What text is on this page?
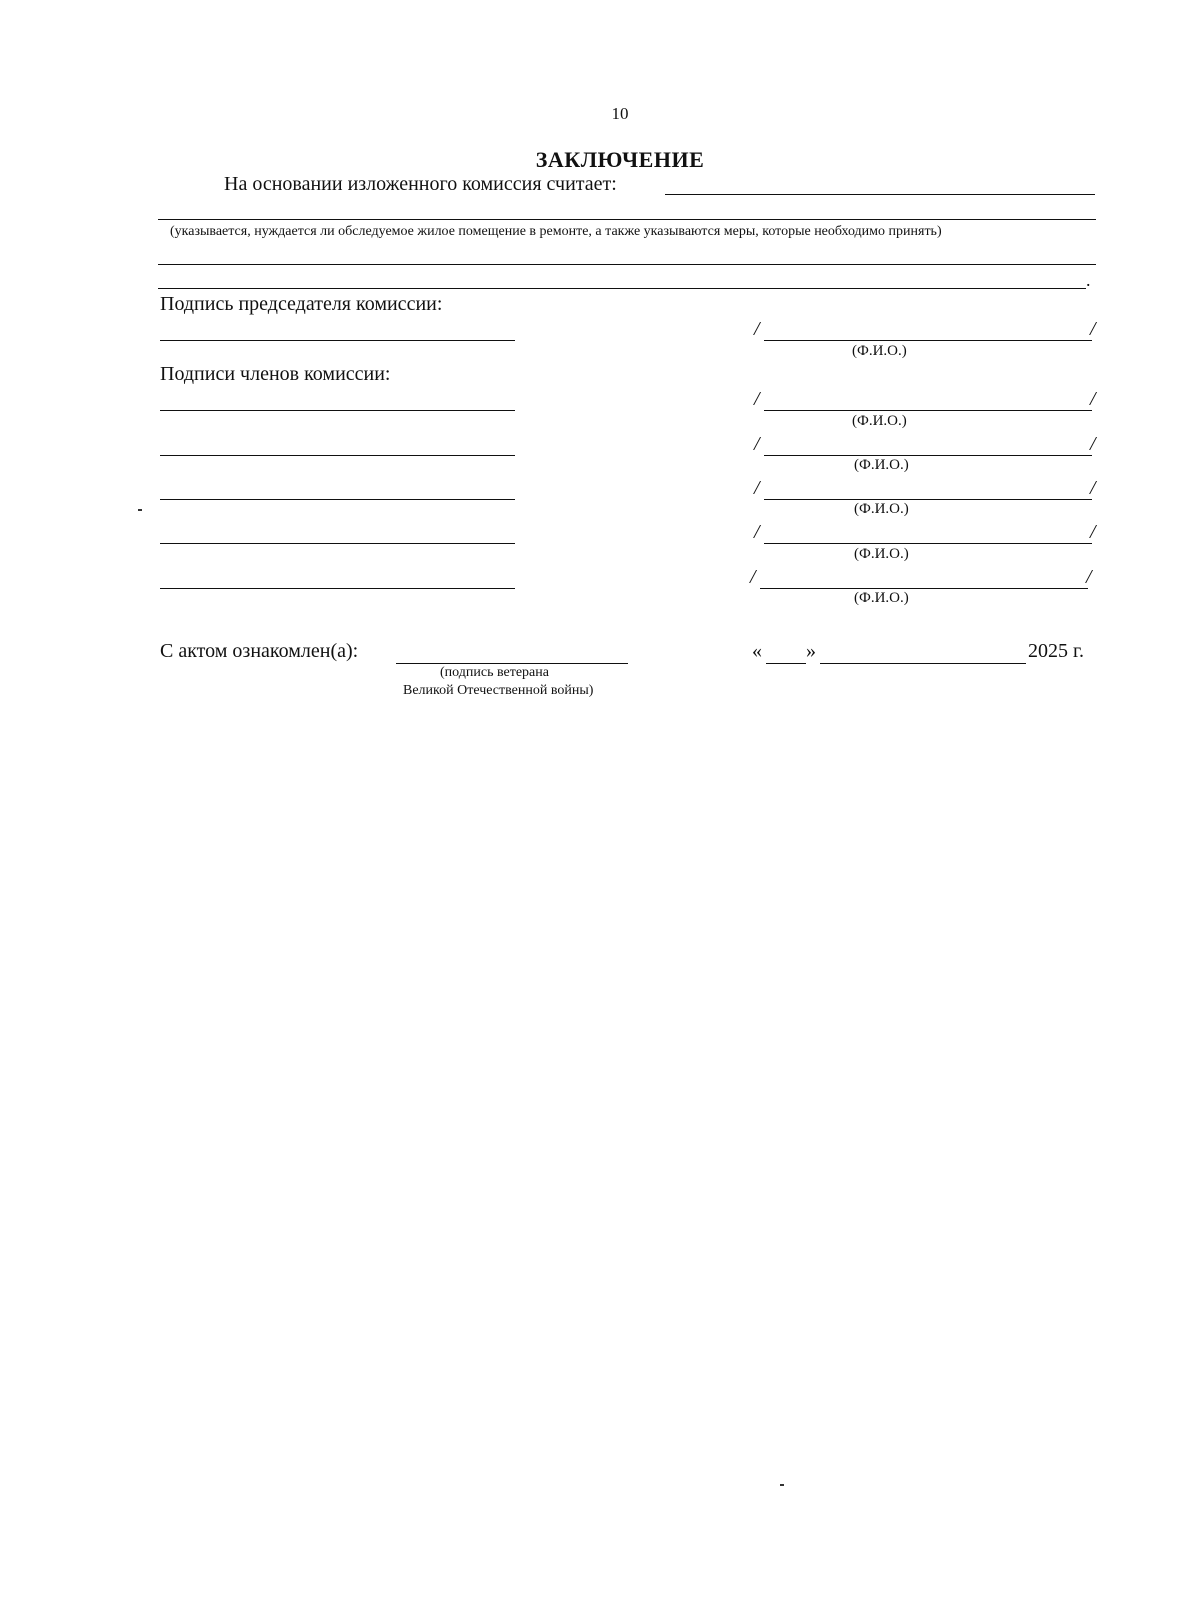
10
ЗАКЛЮЧЕНИЕ
На основании изложенного комиссия считает:
(указывается, нуждается ли обследуемое жилое помещение в ремонте, а также указываются меры, которые необходимо принять)
.
Подпись председателя комиссии:
/	/
(Ф.И.О.)
Подписи членов комиссии:
/	/
(Ф.И.О.)
/	/
(Ф.И.О.)
/	/
(Ф.И.О.)
/	/
(Ф.И.О.)
/	/
(Ф.И.О.)
С актом ознакомлен(а):
(подпись ветерана
Великой Отечественной войны)
« »	2025 г.
